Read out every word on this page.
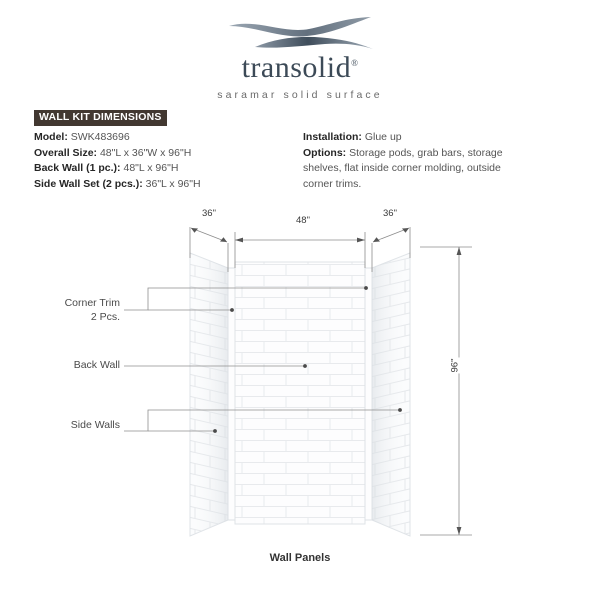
transolid®
saramar solid surface
WALL KIT DIMENSIONS
Model: SWK483696
Overall Size: 48"L x 36"W x 96"H
Back Wall (1 pc.): 48"L x 96"H
Side Wall Set (2 pcs.): 36"L x 96"H
Installation: Glue up
Options: Storage pods, grab bars, storage shelves, flat inside corner molding, outside corner trims.
Corner Trim
2 Pcs.
Back Wall
Side Walls
36"
48"
36"
96"
Wall Panels
